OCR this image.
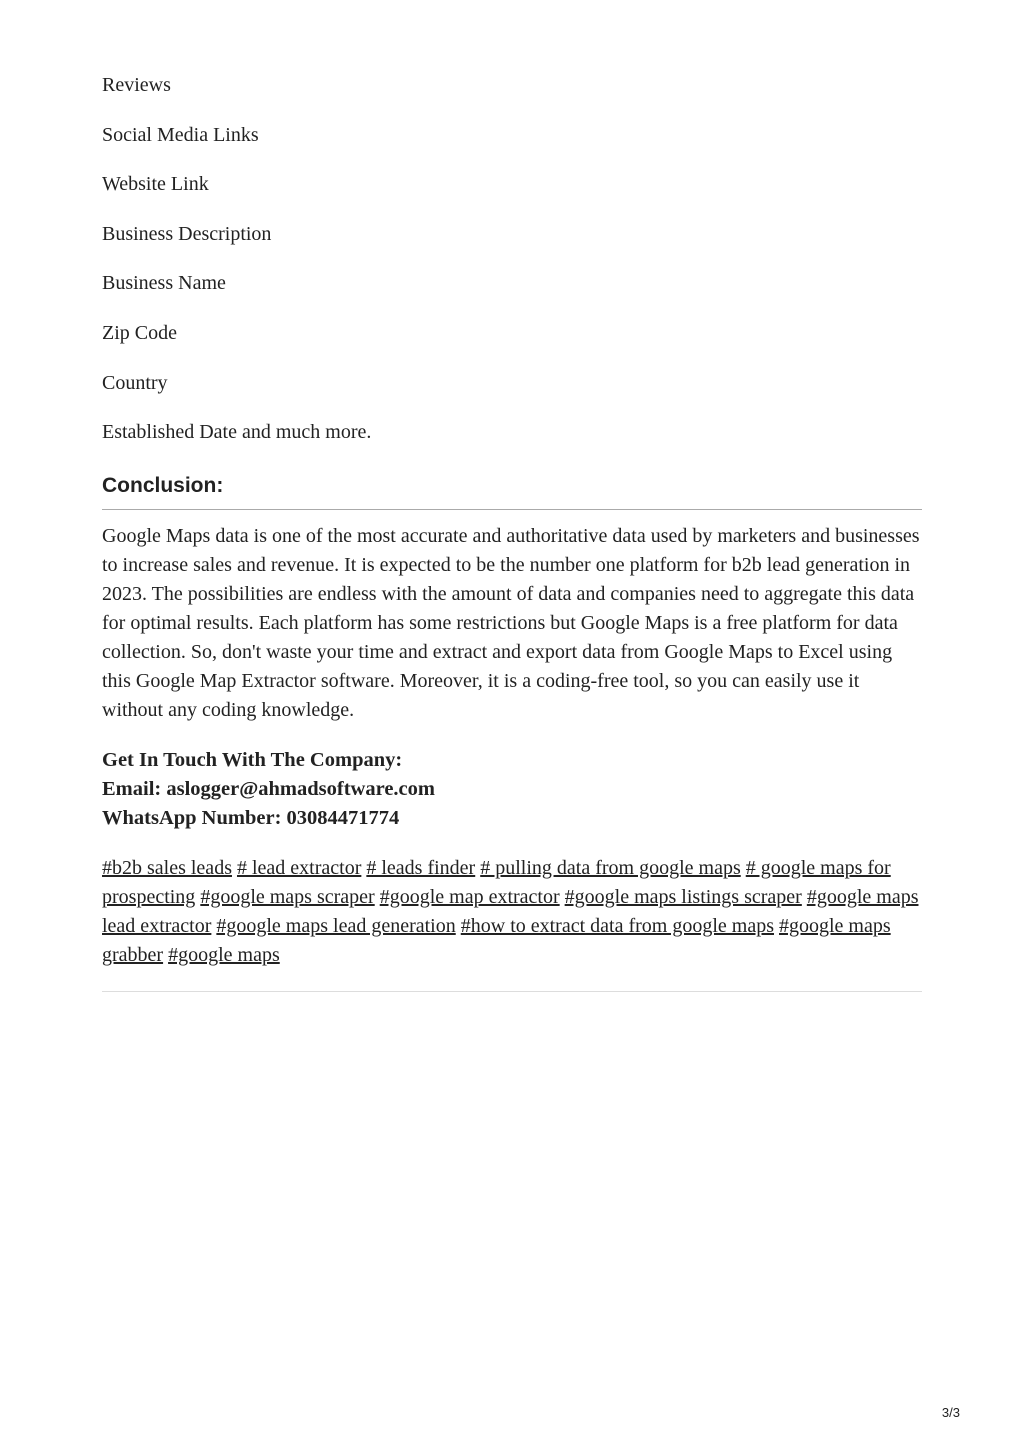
Reviews
Social Media Links
Website Link
Business Description
Business Name
Zip Code
Country
Established Date and much more.
Conclusion:

Google Maps data is one of the most accurate and authoritative data used by marketers and businesses to increase sales and revenue. It is expected to be the number one platform for b2b lead generation in 2023. The possibilities are endless with the amount of data and companies need to aggregate this data for optimal results. Each platform has some restrictions but Google Maps is a free platform for data collection. So, don't waste your time and extract and export data from Google Maps to Excel using this Google Map Extractor software. Moreover, it is a coding-free tool, so you can easily use it without any coding knowledge.

Get In Touch With The Company:
Email: aslogger@ahmadsoftware.com
WhatsApp Number: 03084471774
#b2b sales leads # lead extractor # leads finder # pulling data from google maps # google maps for prospecting #google maps scraper #google map extractor #google maps listings scraper #google maps lead extractor #google maps lead generation #how to extract data from google maps #google maps grabber #google maps
3/3
